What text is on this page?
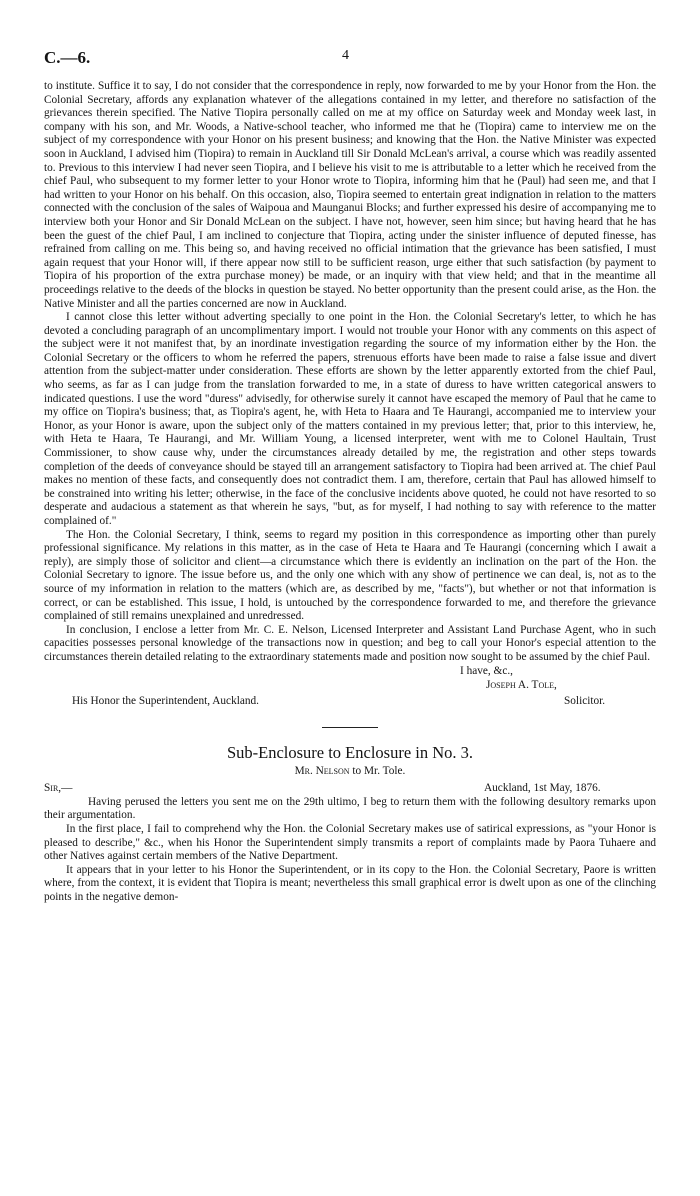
C.—6.	4

to institute. Suffice it to say, I do not consider that the correspondence in reply, now forwarded to me by your Honor from the Hon. the Colonial Secretary, affords any explanation whatever of the allegations contained in my letter, and therefore no satisfaction of the grievances therein specified. The Native Tiopira personally called on me at my office on Saturday week and Monday week last, in company with his son, and Mr. Woods, a Native-school teacher, who informed me that he (Tiopira) came to interview me on the subject of my correspondence with your Honor on his present business; and knowing that the Hon. the Native Minister was expected soon in Auckland, I advised him (Tiopira) to remain in Auckland till Sir Donald McLean's arrival, a course which was readily assented to. Previous to this interview I had never seen Tiopira, and I believe his visit to me is attributable to a letter which he received from the chief Paul, who subsequent to my former letter to your Honor wrote to Tiopira, informing him that he (Paul) had seen me, and that I had written to your Honor on his behalf. On this occasion, also, Tiopira seemed to entertain great indignation in relation to the matters connected with the conclusion of the sales of Waipoua and Maunganui Blocks; and further expressed his desire of accompanying me to interview both your Honor and Sir Donald McLean on the subject. I have not, however, seen him since; but having heard that he has been the guest of the chief Paul, I am inclined to conjecture that Tiopira, acting under the sinister influence of deputed finesse, has refrained from calling on me. This being so, and having received no official intimation that the grievance has been satisfied, I must again request that your Honor will, if there appear now still to be sufficient reason, urge either that such satisfaction (by payment to Tiopira of his proportion of the extra purchase money) be made, or an inquiry with that view held; and that in the meantime all proceedings relative to the deeds of the blocks in question be stayed. No better opportunity than the present could arise, as the Hon. the Native Minister and all the parties concerned are now in Auckland.

I cannot close this letter without adverting specially to one point in the Hon. the Colonial Secretary's letter, to which he has devoted a concluding paragraph of an uncomplimentary import. I would not trouble your Honor with any comments on this aspect of the subject were it not manifest that, by an inordinate investigation regarding the source of my information either by the Hon. the Colonial Secretary or the officers to whom he referred the papers, strenuous efforts have been made to raise a false issue and divert attention from the subject-matter under consideration. These efforts are shown by the letter apparently extorted from the chief Paul, who seems, as far as I can judge from the translation forwarded to me, in a state of duress to have written categorical answers to indicated questions. I use the word "duress" advisedly, for otherwise surely it cannot have escaped the memory of Paul that he came to my office on Tiopira's business; that, as Tiopira's agent, he, with Heta to Haara and Te Haurangi, accompanied me to interview your Honor, as your Honor is aware, upon the subject only of the matters contained in my previous letter; that, prior to this interview, he, with Heta te Haara, Te Haurangi, and Mr. William Young, a licensed interpreter, went with me to Colonel Haultain, Trust Commissioner, to show cause why, under the circumstances already detailed by me, the registration and other steps towards completion of the deeds of conveyance should be stayed till an arrangement satisfactory to Tiopira had been arrived at. The chief Paul makes no mention of these facts, and consequently does not contradict them. I am, therefore, certain that Paul has allowed himself to be constrained into writing his letter; otherwise, in the face of the conclusive incidents above quoted, he could not have resorted to so desperate and audacious a statement as that wherein he says, "but, as for myself, I had nothing to say with reference to the matter complained of."

The Hon. the Colonial Secretary, I think, seems to regard my position in this correspondence as importing other than purely professional significance. My relations in this matter, as in the case of Heta te Haara and Te Haurangi (concerning which I await a reply), are simply those of solicitor and client—a circumstance which there is evidently an inclination on the part of the Hon. the Colonial Secretary to ignore. The issue before us, and the only one which with any show of pertinence we can deal, is, not as to the source of my information in relation to the matters (which are, as described by me, "facts"), but whether or not that information is correct, or can be established. This issue, I hold, is untouched by the correspondence forwarded to me, and therefore the grievance complained of still remains unexplained and unredressed.

In conclusion, I enclose a letter from Mr. C. E. Nelson, Licensed Interpreter and Assistant Land Purchase Agent, who in such capacities possesses personal knowledge of the transactions now in question; and beg to call your Honor's especial attention to the circumstances therein detailed relating to the extraordinary statements made and position now sought to be assumed by the chief Paul.

I have, &c.,
Joseph A. Tole,
His Honor the Superintendent, Auckland.	Solicitor.
Sub-Enclosure to Enclosure in No. 3.
Mr. Nelson to Mr. Tole.
Sir,—	Auckland, 1st May, 1876.

Having perused the letters you sent me on the 29th ultimo, I beg to return them with the following desultory remarks upon their argumentation.

In the first place, I fail to comprehend why the Hon. the Colonial Secretary makes use of satirical expressions, as "your Honor is pleased to describe," &c., when his Honor the Superintendent simply transmits a report of complaints made by Paora Tuhaere and other Natives against certain members of the Native Department.

It appears that in your letter to his Honor the Superintendent, or in its copy to the Hon. the Colonial Secretary, Paore is written where, from the context, it is evident that Tiopira is meant; nevertheless this small graphical error is dwelt upon as one of the clinching points in the negative demon-
